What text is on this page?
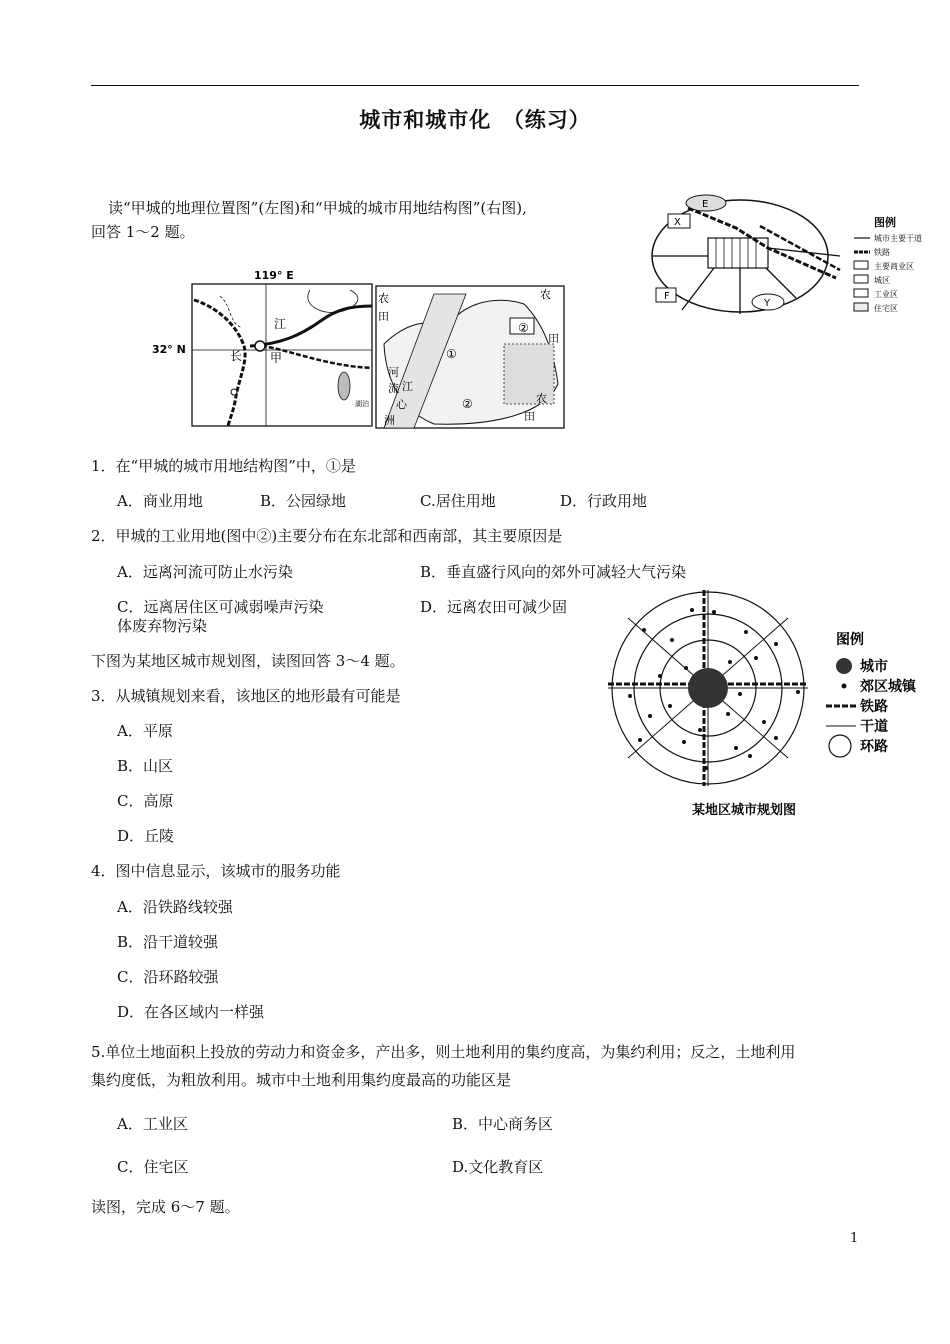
城市和城市化　（练习）
读“甲城的地理位置图”(左图)和“甲城的城市用地结构图”(右图),
回答 1～2 题。
E
X
F
Y
图例
城市主要干道
铁路
主要商业区
城区
工业区
住宅区
119° E
32° N
江
长 甲
湖泊
农
田
农
田
河
流 江
心
洲
农
田
①
②
②
1．在“甲城的城市用地结构图”中，①是
A．商业用地	B．公园绿地	C.居住用地	D．行政用地
2．甲城的工业用地(图中②)主要分布在东北部和西南部，其主要原因是
A．远离河流可防止水污染	B．垂直盛行风向的郊外可减轻大气污染
C．远离居住区可减弱噪声污染	D．远离农田可减少固
体废弃物污染
下图为某地区城市规划图，读图回答 3～4 题。
3．从城镇规划来看，该地区的地形最有可能是
A．平原
B．山区
C．高原
D．丘陵
4．图中信息显示，该城市的服务功能
A．沿铁路线较强
B．沿干道较强
C．沿环路较强
D．在各区域内一样强
图例
城市
郊区城镇
铁路
干道
环路
某地区城市规划图
5.单位土地面积上投放的劳动力和资金多，产出多，则土地利用的集约度高，为集约利用；反之，土地利用
集约度低，为粗放利用。城市中土地利用集约度最高的功能区是
A．工业区	B．中心商务区
C．住宅区	D.文化教育区
读图，完成 6～7 题。
1
